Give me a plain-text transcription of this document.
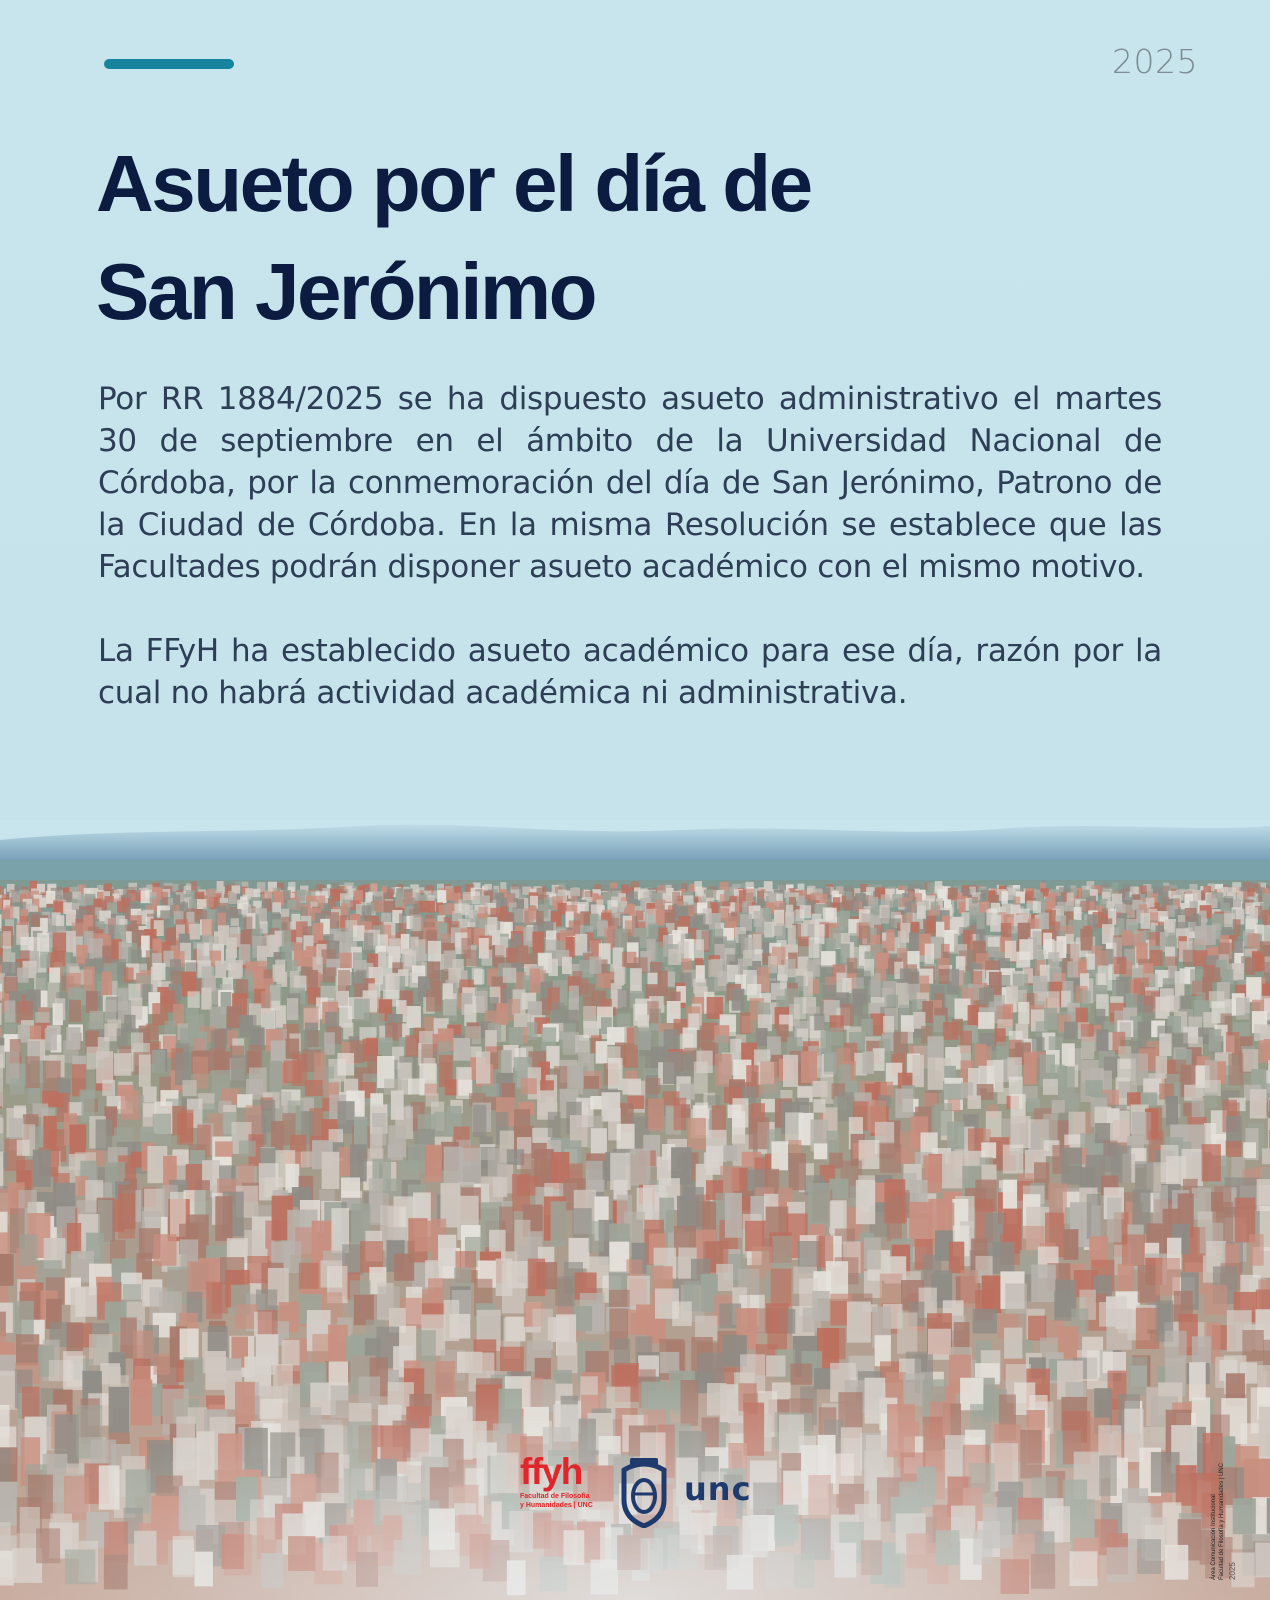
2025
Asueto por el día de
San Jerónimo

Por RR 1884/2025 se ha dispuesto asueto administrativo el martes 30 de septiembre en el ámbito de la Universidad Nacional de Córdoba, por la conmemoración del día de San Jerónimo, Patrono de la Ciudad de Córdoba. En la misma Resolución se establece que las Facultades podrán disponer asueto académico con el mismo motivo.

La FFyH ha establecido asueto académico para ese día, razón por la cual no habrá actividad académica ni administrativa.

ffyh
Facultad de Filosofía
y Humanidades | UNC	unc
Área Comunicación Institucional
Facultad de Filosofía y Humanidades | UNC
2025
